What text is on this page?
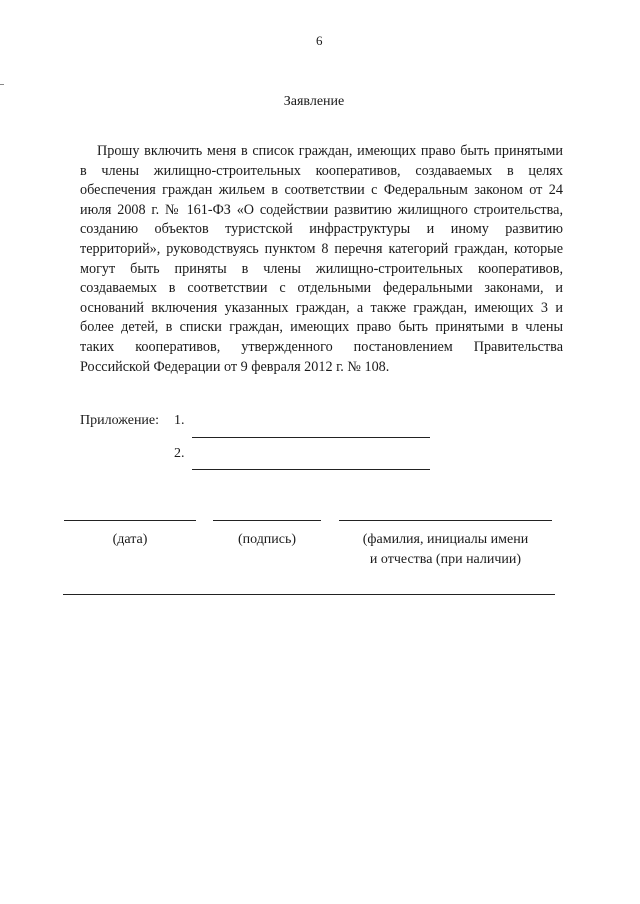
6
Заявление
Прошу включить меня в список граждан, имеющих право быть принятыми в члены жилищно-строительных кооперативов, создаваемых в целях обеспечения граждан жильем в соответствии с Федеральным законом от 24 июля 2008 г. № 161-ФЗ «О содействии развитию жилищного строительства, созданию объектов туристской инфраструктуры и иному развитию территорий», руководствуясь пунктом 8 перечня категорий граждан, которые могут быть приняты в члены жилищно-строительных кооперативов, создаваемых в соответствии с отдельными федеральными законами, и оснований включения указанных граждан, а также граждан, имеющих 3 и более детей, в списки граждан, имеющих право быть принятыми в члены таких кооперативов, утвержденного постановлением Правительства Российской Федерации от 9 февраля 2012 г. № 108.
Приложение: 1.
2.
(дата)	(подпись)	(фамилия, инициалы имени
и отчества (при наличии)
